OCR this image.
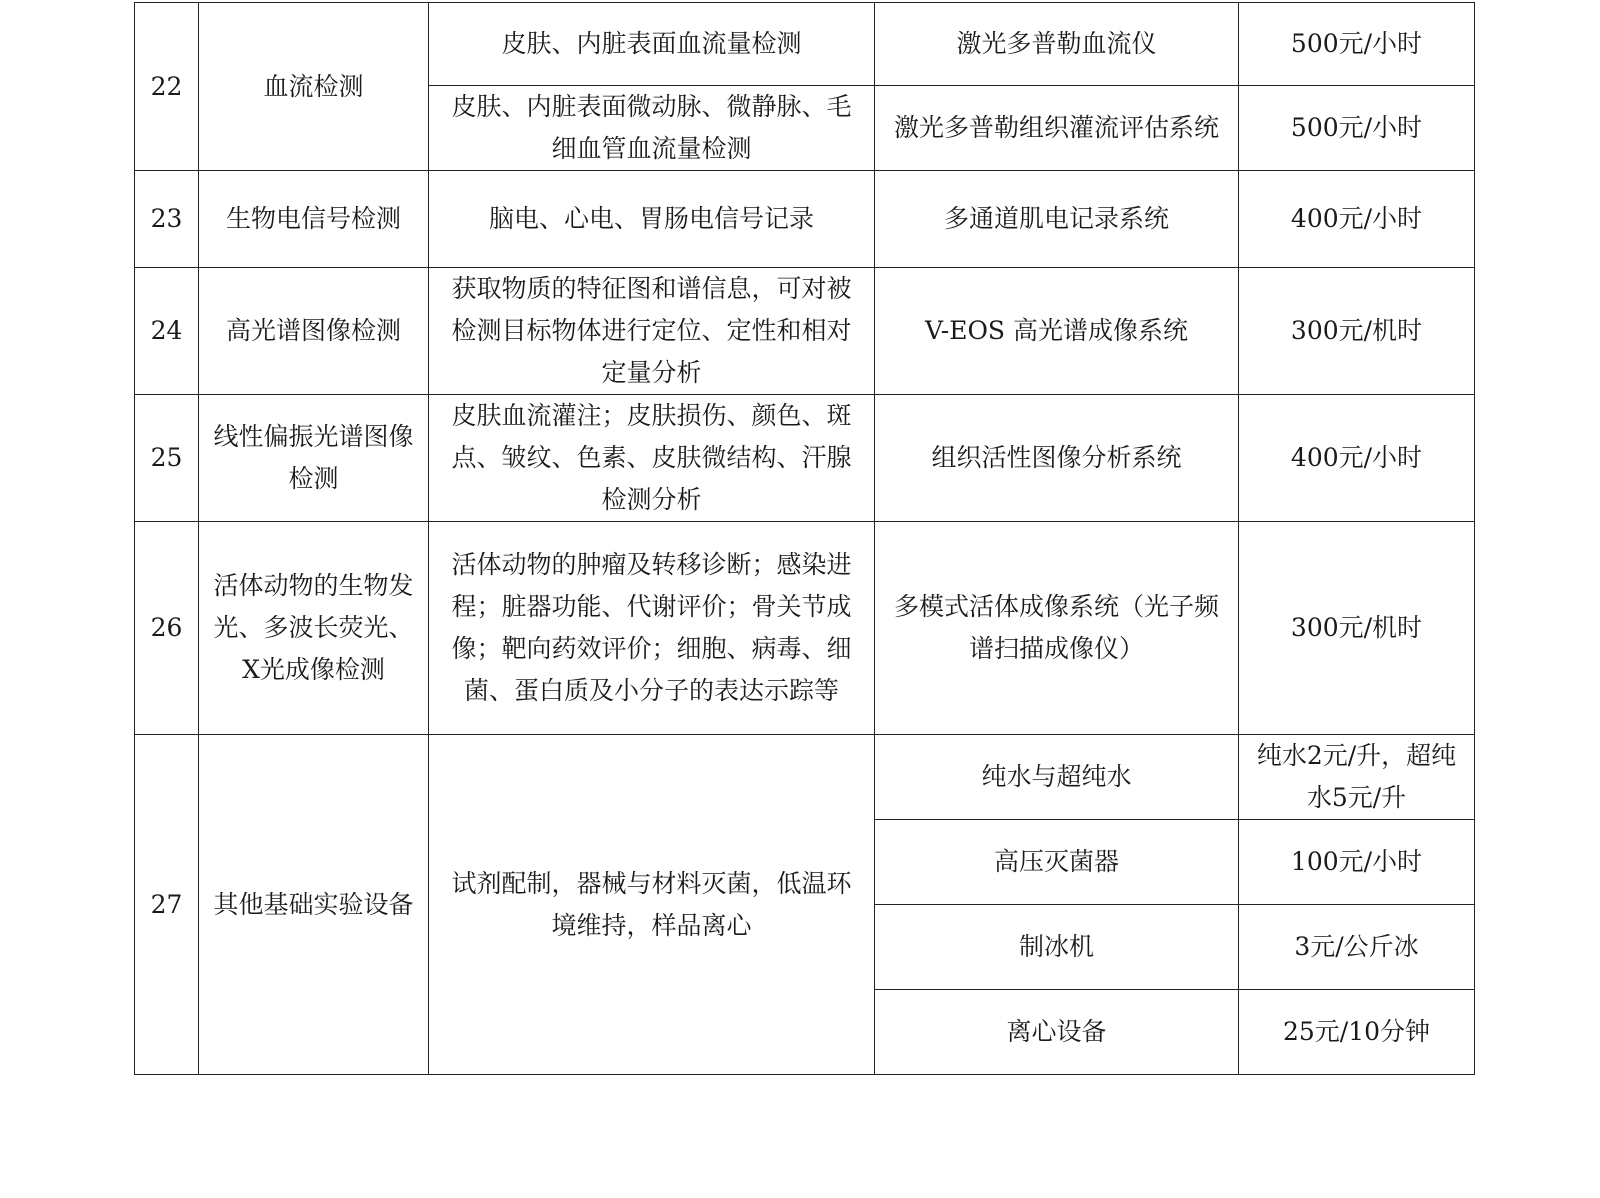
22	血流检测	皮肤、内脏表面血流量检测	激光多普勒血流仪	500元/小时
		皮肤、内脏表面微动脉、微静脉、毛细血管血流量检测	激光多普勒组织灌流评估系统	500元/小时
23	生物电信号检测	脑电、心电、胃肠电信号记录	多通道肌电记录系统	400元/小时
24	高光谱图像检测	获取物质的特征图和谱信息，可对被检测目标物体进行定位、定性和相对定量分析	V-EOS 高光谱成像系统	300元/机时
25	线性偏振光谱图像检测	皮肤血流灌注；皮肤损伤、颜色、斑点、皱纹、色素、皮肤微结构、汗腺检测分析	组织活性图像分析系统	400元/小时
26	活体动物的生物发光、多波长荧光、X光成像检测	活体动物的肿瘤及转移诊断；感染进程；脏器功能、代谢评价；骨关节成像；靶向药效评价；细胞、病毒、细菌、蛋白质及小分子的表达示踪等	多模式活体成像系统（光子频谱扫描成像仪）	300元/机时
27	其他基础实验设备	试剂配制，器械与材料灭菌，低温环境维持，样品离心	纯水与超纯水	纯水2元/升，超纯水5元/升
			高压灭菌器	100元/小时
			制冰机	3元/公斤冰
			离心设备	25元/10分钟
